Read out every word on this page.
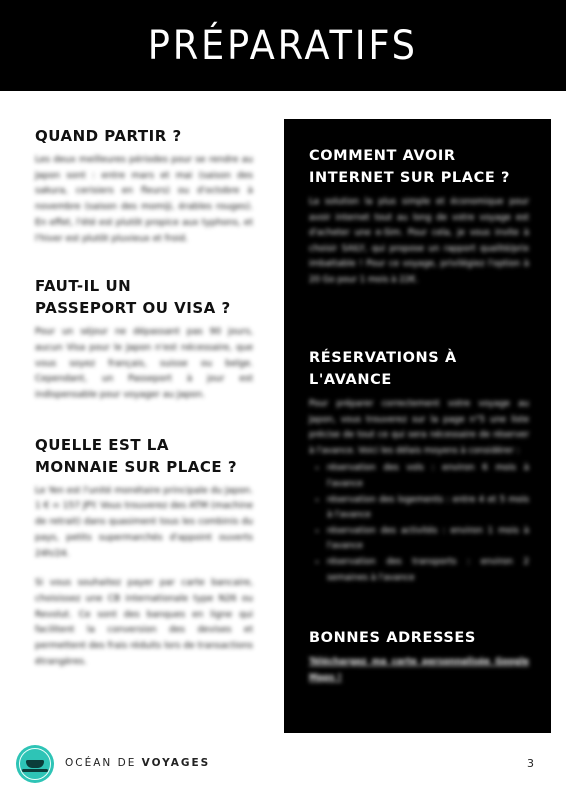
PRÉPARATIFS
QUAND PARTIR ?

Les deux meilleures périodes pour se rendre au Japon sont : entre mars et mai (saison des sakura, cerisiers en fleurs) ou d'octobre à novembre (saison des momiji, érables rouges). En effet, l'été est plutôt propice aux typhons, et l'hiver est plutôt pluvieux et froid.

FAUT-IL UN
PASSEPORT OU VISA ?

Pour un séjour ne dépassant pas 90 jours, aucun Visa pour le Japon n'est nécessaire, que vous soyez français, suisse ou belge. Cependant, un Passeport à jour est indispensable pour voyager au Japon.

QUELLE EST LA
MONNAIE SUR PLACE ?

Le Yen est l'unité monétaire principale du Japon. 1 € = 157 JPY. Vous trouverez des ATM (machine de retrait) dans quasiment tous les combinis du pays, petits supermarchés d'appoint ouverts 24h/24.

Si vous souhaitez payer par carte bancaire, choisissez une CB internationale type N26 ou Revolut. Ce sont des banques en ligne qui facilitent la conversion des devises et permettent des frais réduits lors de transactions étrangères.

COMMENT AVOIR
INTERNET SUR PLACE ?

La solution la plus simple et économique pour avoir internet tout au long de votre voyage est d'acheter une e-Sim. Pour cela, je vous invite à choisir SAILY, qui propose un rapport qualité/prix imbattable ! Pour ce voyage, privilégiez l'option à 20 Go pour 1 mois à 22€.

RÉSERVATIONS À
L'AVANCE

Pour préparer correctement votre voyage au Japon, vous trouverez sur la page n°5 une liste précise de tout ce qui sera nécessaire de réserver à l'avance. Voici les délais moyens à considérer :

• réservation des vols : environ 6 mois à l'avance
• réservation des logements : entre 4 et 5 mois à l'avance
• réservation des activités : environ 1 mois à l'avance
• réservation des transports : environ 2 semaines à l'avance
BONNES ADRESSES

Téléchargez ma carte personnalisée Google Maps !

OCÉAN DE VOYAGES	3
